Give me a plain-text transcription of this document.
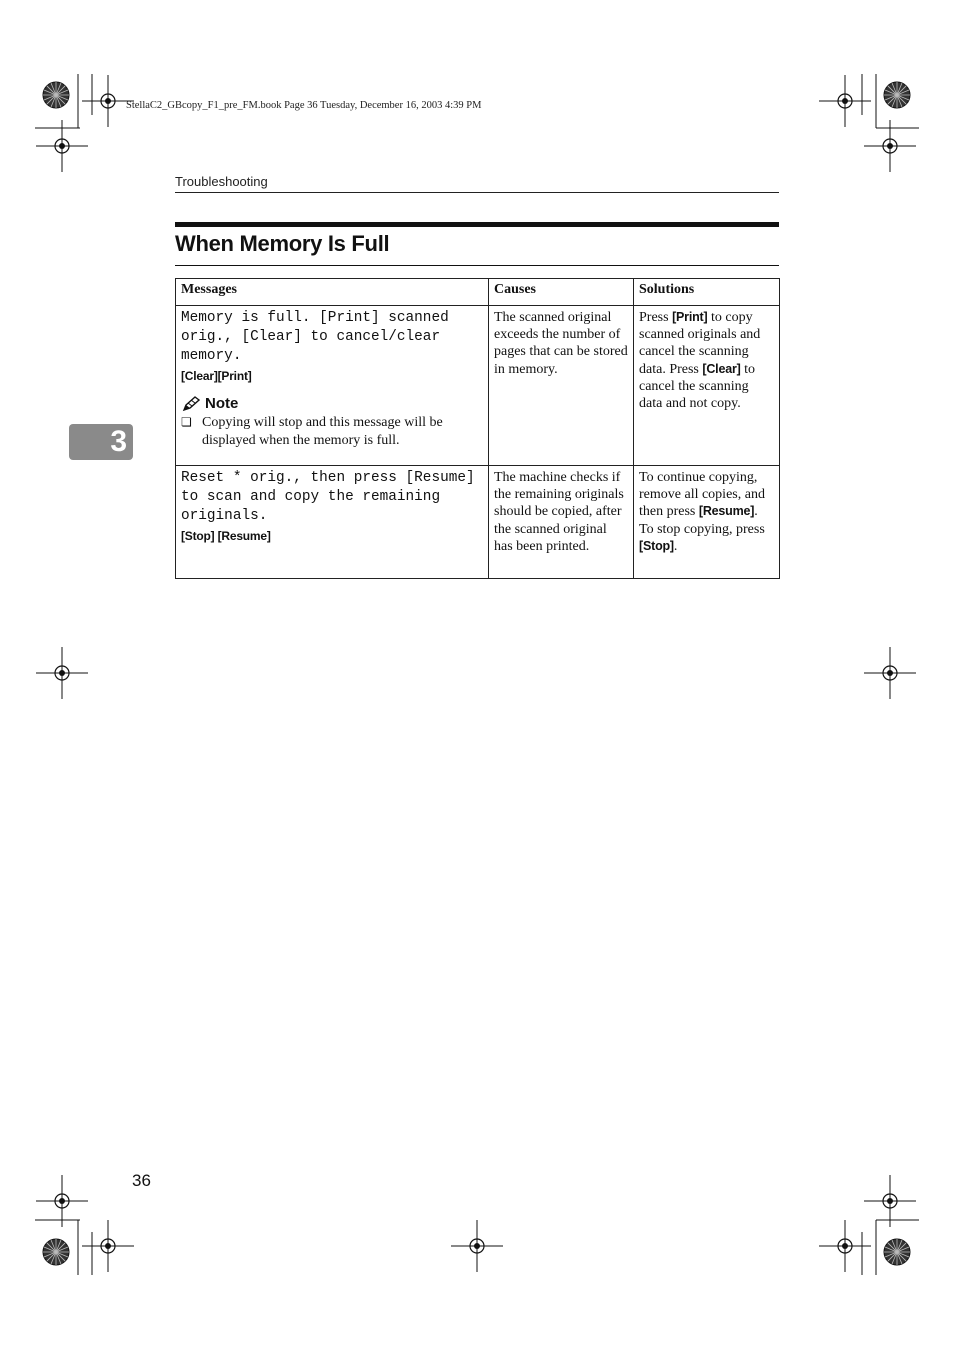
StellaC2_GBcopy_F1_pre_FM.book Page 36 Tuesday, December 16, 2003 4:39 PM
Troubleshooting
When Memory Is Full
3
Messages	Causes	Solutions

Memory is full. [Print] scanned orig., [Clear] to cancel/clear memory.
[Clear][Print]
Note
❏ Copying will stop and this message will be displayed when the memory is full.	The scanned original exceeds the number of pages that can be stored in memory.	Press [Print] to copy scanned originals and cancel the scanning data. Press [Clear] to cancel the scanning data and not copy.

Reset * orig., then press [Resume] to scan and copy the remaining originals.
[Stop] [Resume]	The machine checks if the remaining originals should be copied, after the scanned original has been printed.	To continue copying, remove all copies, and then press [Resume]. To stop copying, press [Stop].
36
